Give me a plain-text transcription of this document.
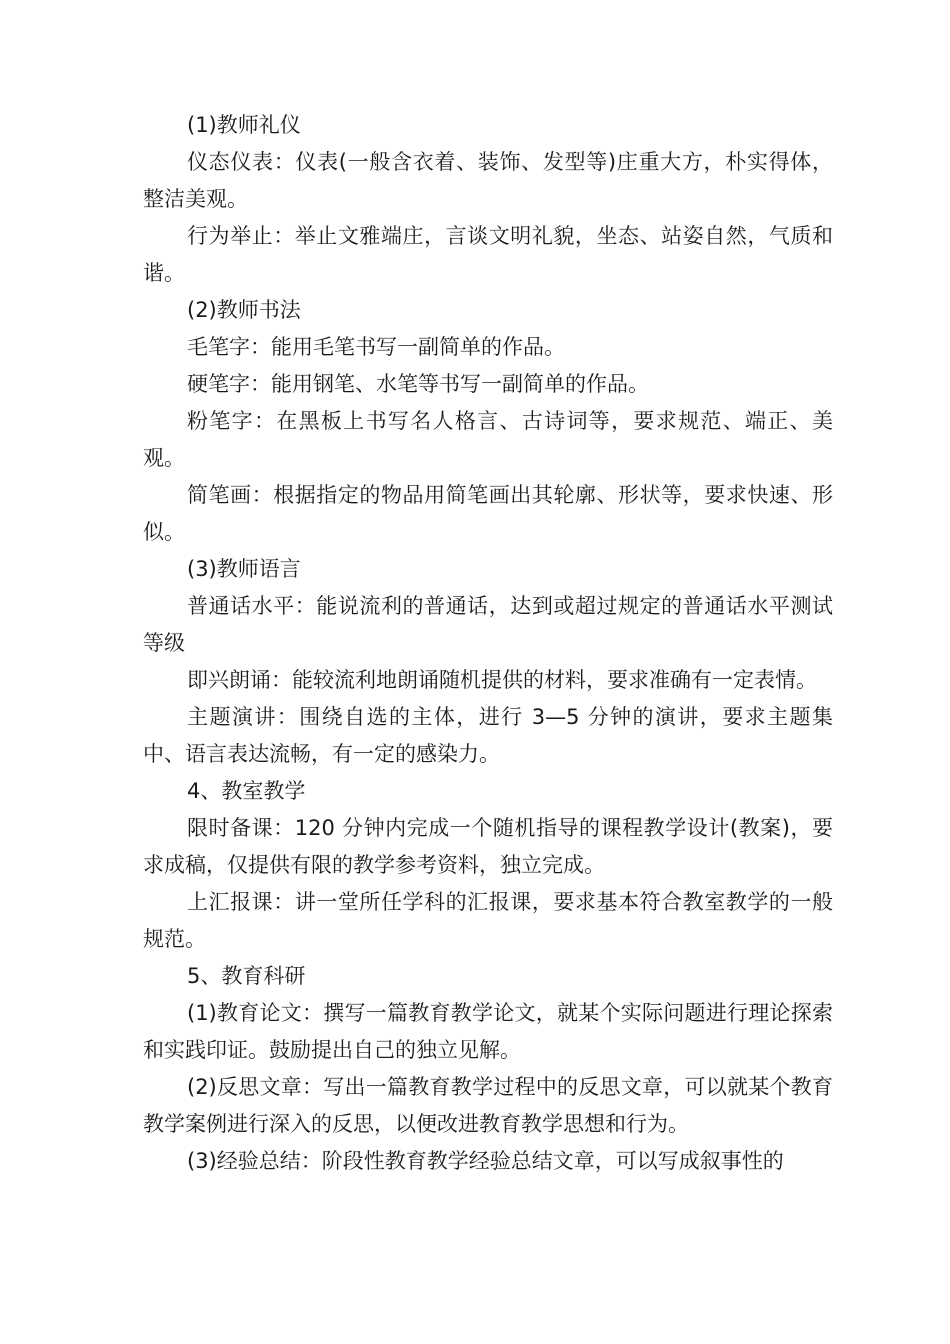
(1)教师礼仪

仪态仪表：仪表(一般含衣着、装饰、发型等)庄重大方，朴实得体，整洁美观。

行为举止：举止文雅端庄，言谈文明礼貌，坐态、站姿自然，气质和谐。

(2)教师书法

毛笔字：能用毛笔书写一副简单的作品。

硬笔字：能用钢笔、水笔等书写一副简单的作品。

粉笔字：在黑板上书写名人格言、古诗词等，要求规范、端正、美观。

简笔画：根据指定的物品用简笔画出其轮廓、形状等，要求快速、形似。

(3)教师语言

普通话水平：能说流利的普通话，达到或超过规定的普通话水平测试等级

即兴朗诵：能较流利地朗诵随机提供的材料，要求准确有一定表情。

主题演讲：围绕自选的主体，进行 3—5 分钟的演讲，要求主题集中、语言表达流畅，有一定的感染力。

4、教室教学

限时备课：120 分钟内完成一个随机指导的课程教学设计(教案)，要求成稿，仅提供有限的教学参考资料，独立完成。

上汇报课：讲一堂所任学科的汇报课，要求基本符合教室教学的一般规范。

5、教育科研

(1)教育论文：撰写一篇教育教学论文，就某个实际问题进行理论探索和实践印证。鼓励提出自己的独立见解。

(2)反思文章：写出一篇教育教学过程中的反思文章，可以就某个教育教学案例进行深入的反思，以便改进教育教学思想和行为。

(3)经验总结：阶段性教育教学经验总结文章，可以写成叙事性的
